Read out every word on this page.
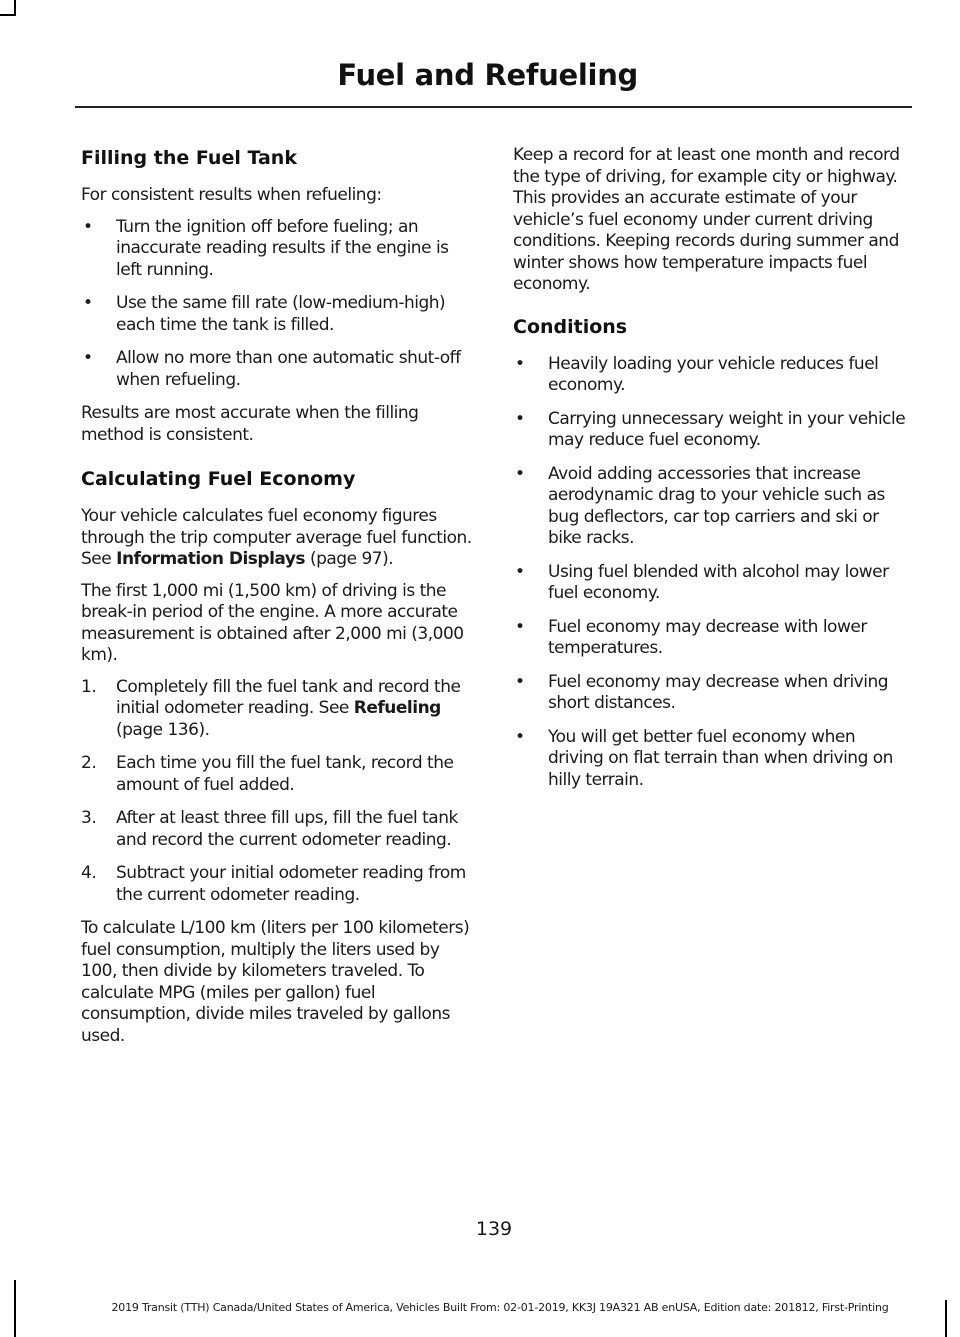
Fuel and Refueling
Filling the Fuel Tank

For consistent results when refueling:

• Turn the ignition off before fueling; an inaccurate reading results if the engine is left running.
• Use the same fill rate (low-medium-high) each time the tank is filled.
• Allow no more than one automatic shut-off when refueling.

Results are most accurate when the filling method is consistent.

Calculating Fuel Economy

Your vehicle calculates fuel economy figures through the trip computer average fuel function. See Information Displays (page 97).

The first 1,000 mi (1,500 km) of driving is the break-in period of the engine. A more accurate measurement is obtained after 2,000 mi (3,000 km).

1. Completely fill the fuel tank and record the initial odometer reading. See Refueling (page 136).
2. Each time you fill the fuel tank, record the amount of fuel added.
3. After at least three fill ups, fill the fuel tank and record the current odometer reading.
4. Subtract your initial odometer reading from the current odometer reading.

To calculate L/100 km (liters per 100 kilometers) fuel consumption, multiply the liters used by 100, then divide by kilometers traveled. To calculate MPG (miles per gallon) fuel consumption, divide miles traveled by gallons used.

Keep a record for at least one month and record the type of driving, for example city or highway. This provides an accurate estimate of your vehicle’s fuel economy under current driving conditions. Keeping records during summer and winter shows how temperature impacts fuel economy.

Conditions
• Heavily loading your vehicle reduces fuel economy.
• Carrying unnecessary weight in your vehicle may reduce fuel economy.
• Avoid adding accessories that increase aerodynamic drag to your vehicle such as bug deflectors, car top carriers and ski or bike racks.
• Using fuel blended with alcohol may lower fuel economy.
• Fuel economy may decrease with lower temperatures.
• Fuel economy may decrease when driving short distances.
• You will get better fuel economy when driving on flat terrain than when driving on hilly terrain.
139
2019 Transit (TTH) Canada/United States of America, Vehicles Built From: 02-01-2019, KK3J 19A321 AB enUSA, Edition date: 201812, First-Printing
